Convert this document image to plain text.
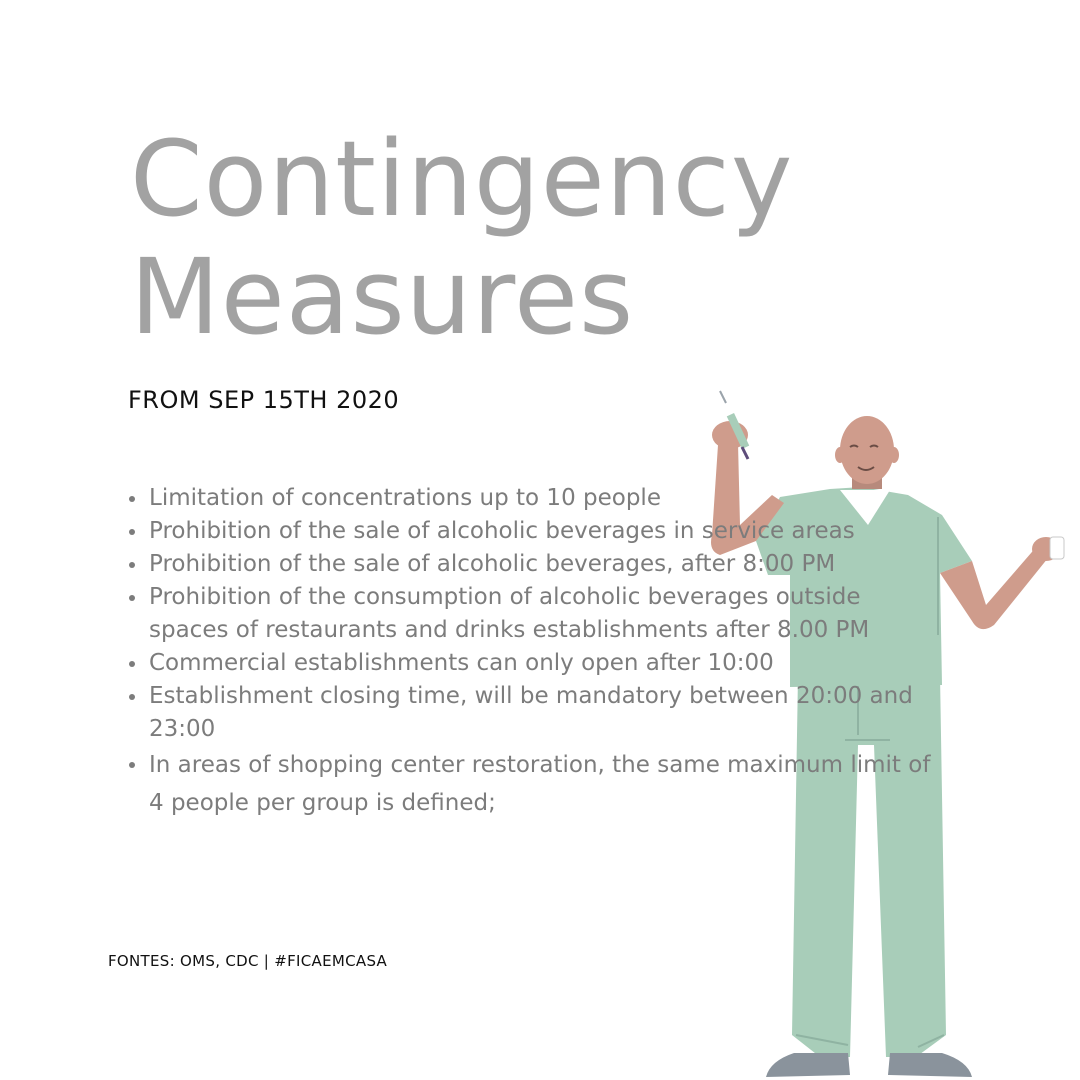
Contingency
Measures
FROM SEP 15TH 2020
Limitation of concentrations up to 10 people
Prohibition of the sale of alcoholic beverages in service areas
Prohibition of the sale of alcoholic beverages, after 8:00 PM
Prohibition of the consumption of alcoholic beverages outside spaces of restaurants and drinks establishments after 8.00 PM
Commercial establishments can only open after 10:00
Establishment closing time, will be mandatory between 20:00 and 23:00
In areas of shopping center restoration, the same maximum limit of 4 people per group is defined;
FONTES: OMS, CDC | #FICAEMCASA
